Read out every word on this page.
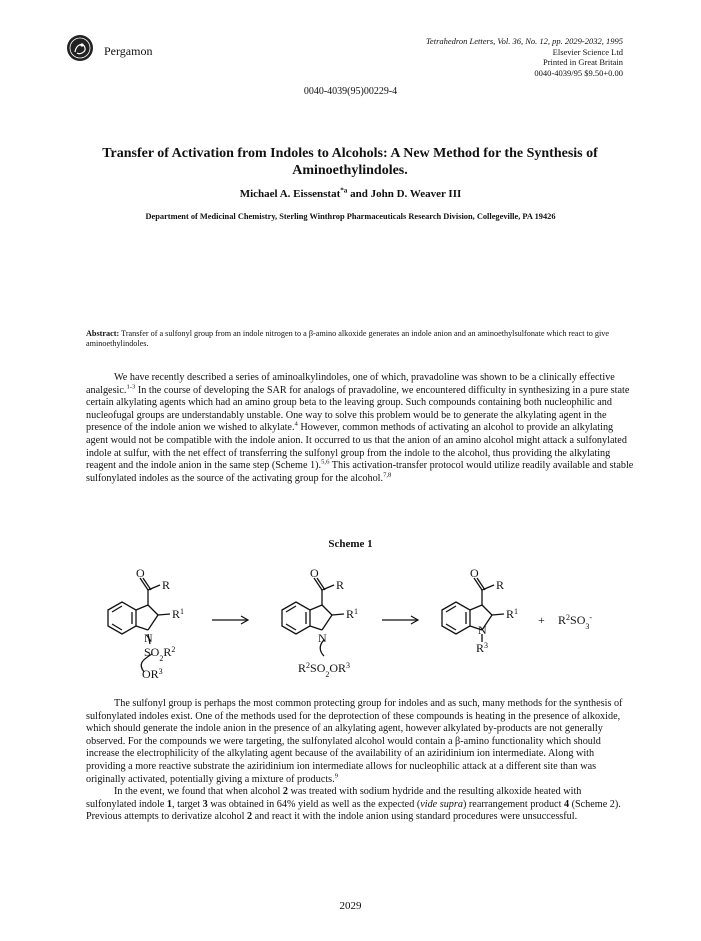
Pergamon
Tetrahedron Letters, Vol. 36, No. 12, pp. 2029-2032, 1995
Elsevier Science Ltd
Printed in Great Britain
0040-4039/95 $9.50+0.00
0040-4039(95)00229-4
Transfer of Activation from Indoles to Alcohols: A New Method for the Synthesis of Aminoethylindoles.
Michael A. Eissenstat$^{*a}$ and John D. Weaver III
Department of Medicinal Chemistry, Sterling Winthrop Pharmaceuticals Research Division, Collegeville, PA 19426
Abstract: Transfer of a sulfonyl group from an indole nitrogen to a β-amino alkoxide generates an indole anion and an aminoethylsulfonate which react to give aminoethylindoles.

We have recently described a series of aminoalkylindoles, one of which, pravadoline was shown to be a clinically effective analgesic.$^{1-3}$ In the course of developing the SAR for analogs of pravadoline, we encountered difficulty in synthesizing in a pure state certain alkylating agents which had an amino group beta to the leaving group. Such compounds containing both nucleophilic and nucleofugal groups are understandably unstable. One way to solve this problem would be to generate the alkylating agent in the presence of the indole anion we wished to alkylate.$^4$ However, common methods of activating an alcohol to provide an alkylating agent would not be compatible with the indole anion. It occurred to us that the anion of an amino alcohol might attack a sulfonylated indole at sulfur, with the net effect of transferring the sulfonyl group from the indole to the alcohol, thus providing the alkylating reagent and the indole anion in the same step (Scheme 1).$^{5,6}$ This activation-transfer protocol would utilize readily available and stable sulfonylated indoles as the source of the activating group for the alcohol.$^{7,8}$

Scheme 1
O
R
$R^1$
N
$SO_2R^2$
$OR^3$
O
R
$R^1$
N
$R^2SO_2OR^3$
O
R
$R^1$
N
$R^3$
+ $R^2SO_3^-$

The sulfonyl group is perhaps the most common protecting group for indoles and as such, many methods for the synthesis of sulfonylated indoles exist. One of the methods used for the deprotection of these compounds is heating in the presence of alkoxide, which should generate the indole anion in the presence of an alkylating agent, however alkylated by-products are not generally observed. For the compounds we were targeting, the sulfonylated alcohol would contain a β-amino functionality which should increase the electrophilicity of the alkylating agent because of the availability of an aziridinium ion intermediate. Along with providing a more reactive substrate the aziridinium ion intermediate allows for nucleophilic attack at a different site than was originally activated, potentially giving a mixture of products.$^9$

In the event, we found that when alcohol 2 was treated with sodium hydride and the resulting alkoxide heated with sulfonylated indole 1, target 3 was obtained in 64% yield as well as the expected (vide supra) rearrangement product 4 (Scheme 2). Previous attempts to derivatize alcohol 2 and react it with the indole anion using standard procedures were unsuccessful.

2029
